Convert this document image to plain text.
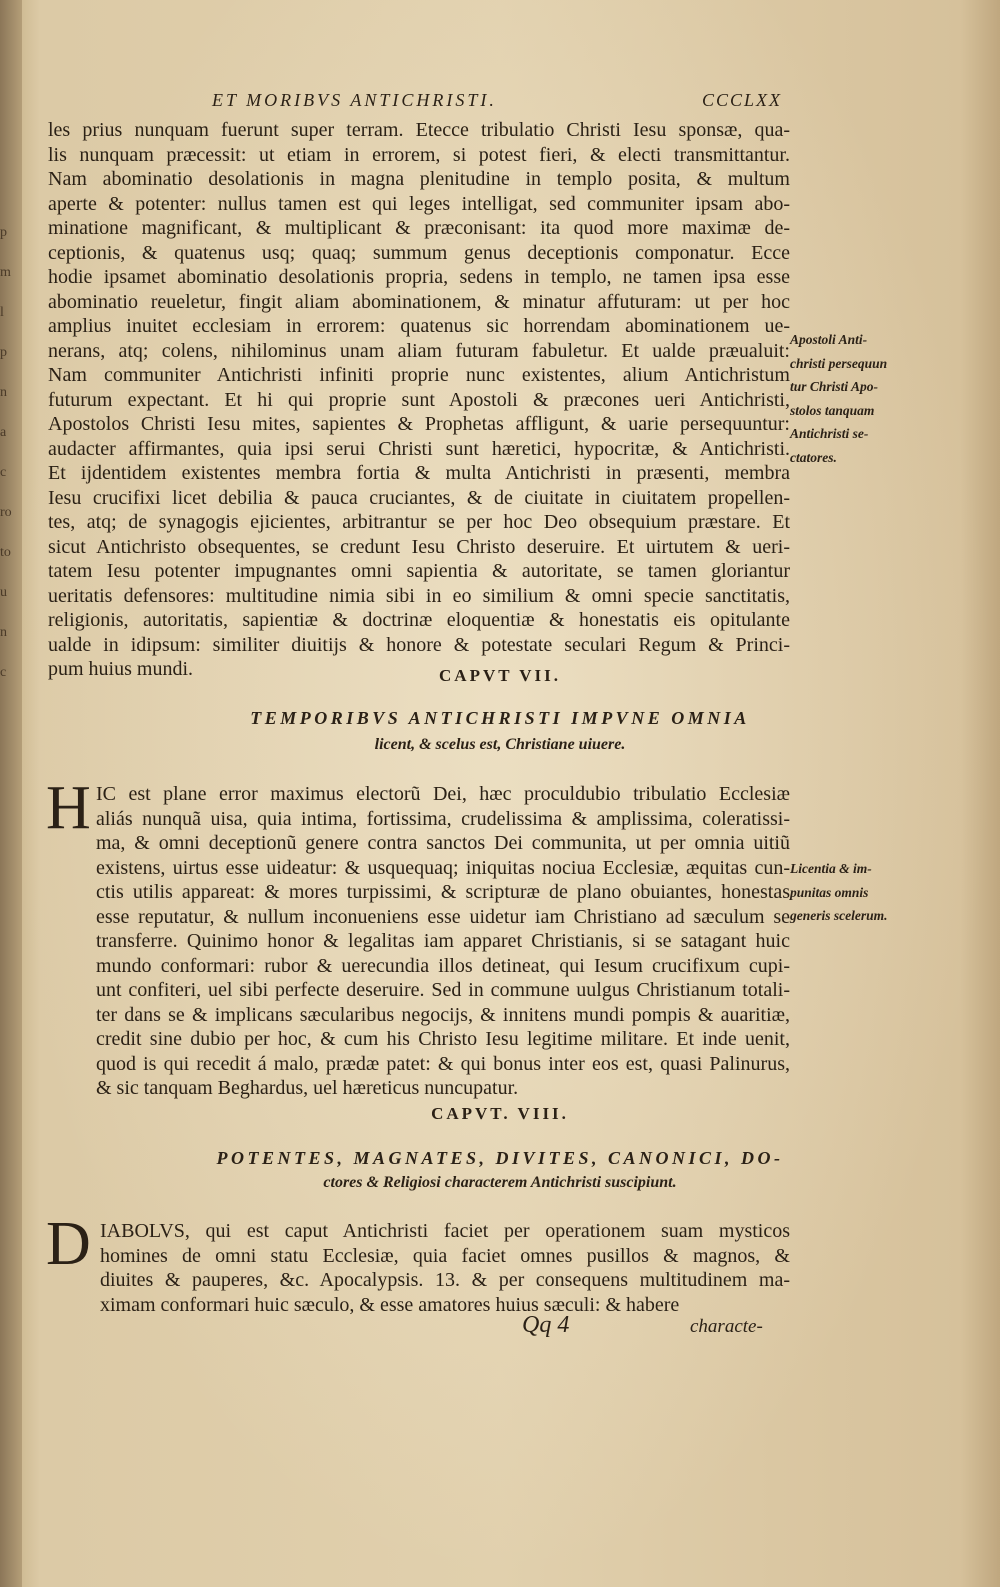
p
m
l
p
n
a
c
ro
to
u
n
c
ET MORIBVS ANTICHRISTI.	CCCLXX
les prius nunquam fuerunt super terram. Etecce tribulatio Christi Iesu sponsæ, qua-
lis nunquam præcessit: ut etiam in errorem, si potest fieri, & electi transmittantur.
Nam abominatio desolationis in magna plenitudine in templo posita, & multum
aperte & potenter: nullus tamen est qui leges intelligat, sed communiter ipsam abo-
minatione magnificant, & multiplicant & præconisant: ita quod more maximæ de-
ceptionis, & quatenus usq; quaq; summum genus deceptionis componatur. Ecce
hodie ipsamet abominatio desolationis propria, sedens in templo, ne tamen ipsa esse
abominatio reueletur, fingit aliam abominationem, & minatur affuturam: ut per hoc
amplius inuitet ecclesiam in errorem: quatenus sic horrendam abominationem ue-
nerans, atq; colens, nihilominus unam aliam futuram fabuletur. Et ualde præualuit:
Nam communiter Antichristi infiniti proprie nunc existentes, alium Antichristum
futurum expectant. Et hi qui proprie sunt Apostoli & præcones ueri Antichristi,
Apostolos Christi Iesu mites, sapientes & Prophetas affligunt, & uarie persequuntur:
audacter affirmantes, quia ipsi serui Christi sunt hæretici, hypocritæ, & Antichristi.
Et ijdentidem existentes membra fortia & multa Antichristi in præsenti, membra
Iesu crucifixi licet debilia & pauca cruciantes, & de ciuitate in ciuitatem propellen-
tes, atq; de synagogis ejicientes, arbitrantur se per hoc Deo obsequium præstare. Et
sicut Antichristo obsequentes, se credunt Iesu Christo deseruire. Et uirtutem & ueri-
tatem Iesu potenter impugnantes omni sapientia & autoritate, se tamen gloriantur
ueritatis defensores: multitudine nimia sibi in eo similium & omni specie sanctitatis,
religionis, autoritatis, sapientiæ & doctrinæ eloquentiæ & honestatis eis opitulante
ualde in idipsum: similiter diuitijs & honore & potestate seculari Regum & Princi-
pum huius mundi.
Apostoli Anti-
christi persequun
tur Christi Apo-
stolos tanquam
Antichristi se-
ctatores.
CAPVT VII.
TEMPORIBVS ANTICHRISTI IMPVNE OMNIA
licent, & scelus est, Christiane uiuere.
H IC est plane error maximus electorũ Dei, hæc proculdubio tribulatio Ecclesiæ
aliás nunquã uisa, quia intima, fortissima, crudelissima & amplissima, coleratissi-
ma, & omni deceptionũ genere contra sanctos Dei communita, ut per omnia uitiũ
existens, uirtus esse uideatur: & usquequaq; iniquitas nociua Ecclesiæ, æquitas cun-
ctis utilis appareat: & mores turpissimi, & scripturæ de plano obuiantes, honestas
esse reputatur, & nullum inconueniens esse uidetur iam Christiano ad sæculum se
transferre. Quinimo honor & legalitas iam apparet Christianis, si se satagant huic
mundo conformari: rubor & uerecundia illos detineat, qui Iesum crucifixum cupi-
unt confiteri, uel sibi perfecte deseruire. Sed in commune uulgus Christianum totali-
ter dans se & implicans sæcularibus negocijs, & innitens mundi pompis & auaritiæ,
credit sine dubio per hoc, & cum his Christo Iesu legitime militare. Et inde uenit,
quod is qui recedit á malo, prædæ patet: & qui bonus inter eos est, quasi Palinurus,
& sic tanquam Beghardus, uel hæreticus nuncupatur.
Licentia & im-
punitas omnis
generis scelerum.
CAPVT. VIII.
POTENTES, MAGNATES, DIVITES, CANONICI, DO-
ctores & Religiosi characterem Antichristi suscipiunt.
D IABOLVS, qui est caput Antichristi faciet per operationem suam mysticos
homines de omni statu Ecclesiæ, quia faciet omnes pusillos & magnos, &
diuites & pauperes, &c. Apocalypsis. 13. & per consequens multitudinem ma-
ximam conformari huic sæculo, & esse amatores huius sæculi: & habere
Qq 4	characte-
